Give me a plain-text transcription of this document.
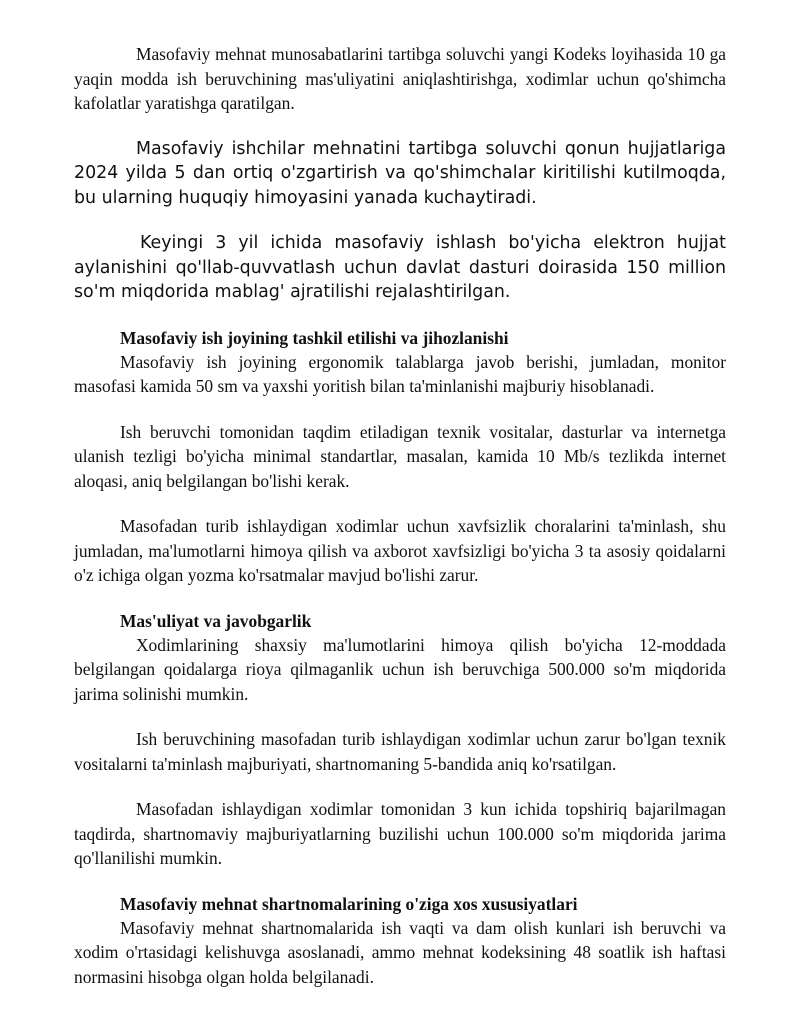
Masofaviy mehnat munosabatlarini tartibga soluvchi yangi Kodeks loyihasida 10 ga yaqin modda ish beruvchining mas'uliyatini aniqlashtirishga, xodimlar uchun qo'shimcha kafolatlar yaratishga qaratilgan.

Masofaviy ishchilar mehnatini tartibga soluvchi qonun hujjatlariga 2024 yilda 5 dan ortiq o'zgartirish va qo'shimchalar kiritilishi kutilmoqda, bu ularning huquqiy himoyasini yanada kuchaytiradi.

Keyingi 3 yil ichida masofaviy ishlash bo'yicha elektron hujjat aylanishini qo'llab-quvvatlash uchun davlat dasturi doirasida 150 million so'm miqdorida mablag' ajratilishi rejalashtirilgan.

Masofaviy ish joyining tashkil etilishi va jihozlanishi

Masofaviy ish joyining ergonomik talablarga javob berishi, jumladan, monitor masofasi kamida 50 sm va yaxshi yoritish bilan ta'minlanishi majburiy hisoblanadi.

Ish beruvchi tomonidan taqdim etiladigan texnik vositalar, dasturlar va internetga ulanish tezligi bo'yicha minimal standartlar, masalan, kamida 10 Mb/s tezlikda internet aloqasi, aniq belgilangan bo'lishi kerak.

Masofadan turib ishlaydigan xodimlar uchun xavfsizlik choralarini ta'minlash, shu jumladan, ma'lumotlarni himoya qilish va axborot xavfsizligi bo'yicha 3 ta asosiy qoidalarni o'z ichiga olgan yozma ko'rsatmalar mavjud bo'lishi zarur.

Mas'uliyat va javobgarlik

Xodimlarining shaxsiy ma'lumotlarini himoya qilish bo'yicha 12-moddada belgilangan qoidalarga rioya qilmaganlik uchun ish beruvchiga 500.000 so'm miqdorida jarima solinishi mumkin.

Ish beruvchining masofadan turib ishlaydigan xodimlar uchun zarur bo'lgan texnik vositalarni ta'minlash majburiyati, shartnomaning 5-bandida aniq ko'rsatilgan.

Masofadan ishlaydigan xodimlar tomonidan 3 kun ichida topshiriq bajarilmagan taqdirda, shartnomaviy majburiyatlarning buzilishi uchun 100.000 so'm miqdorida jarima qo'llanilishi mumkin.

Masofaviy mehnat shartnomalarining o'ziga xos xususiyatlari

Masofaviy mehnat shartnomalarida ish vaqti va dam olish kunlari ish beruvchi va xodim o'rtasidagi kelishuvga asoslanadi, ammo mehnat kodeksining 48 soatlik ish haftasi normasini hisobga olgan holda belgilanadi.
